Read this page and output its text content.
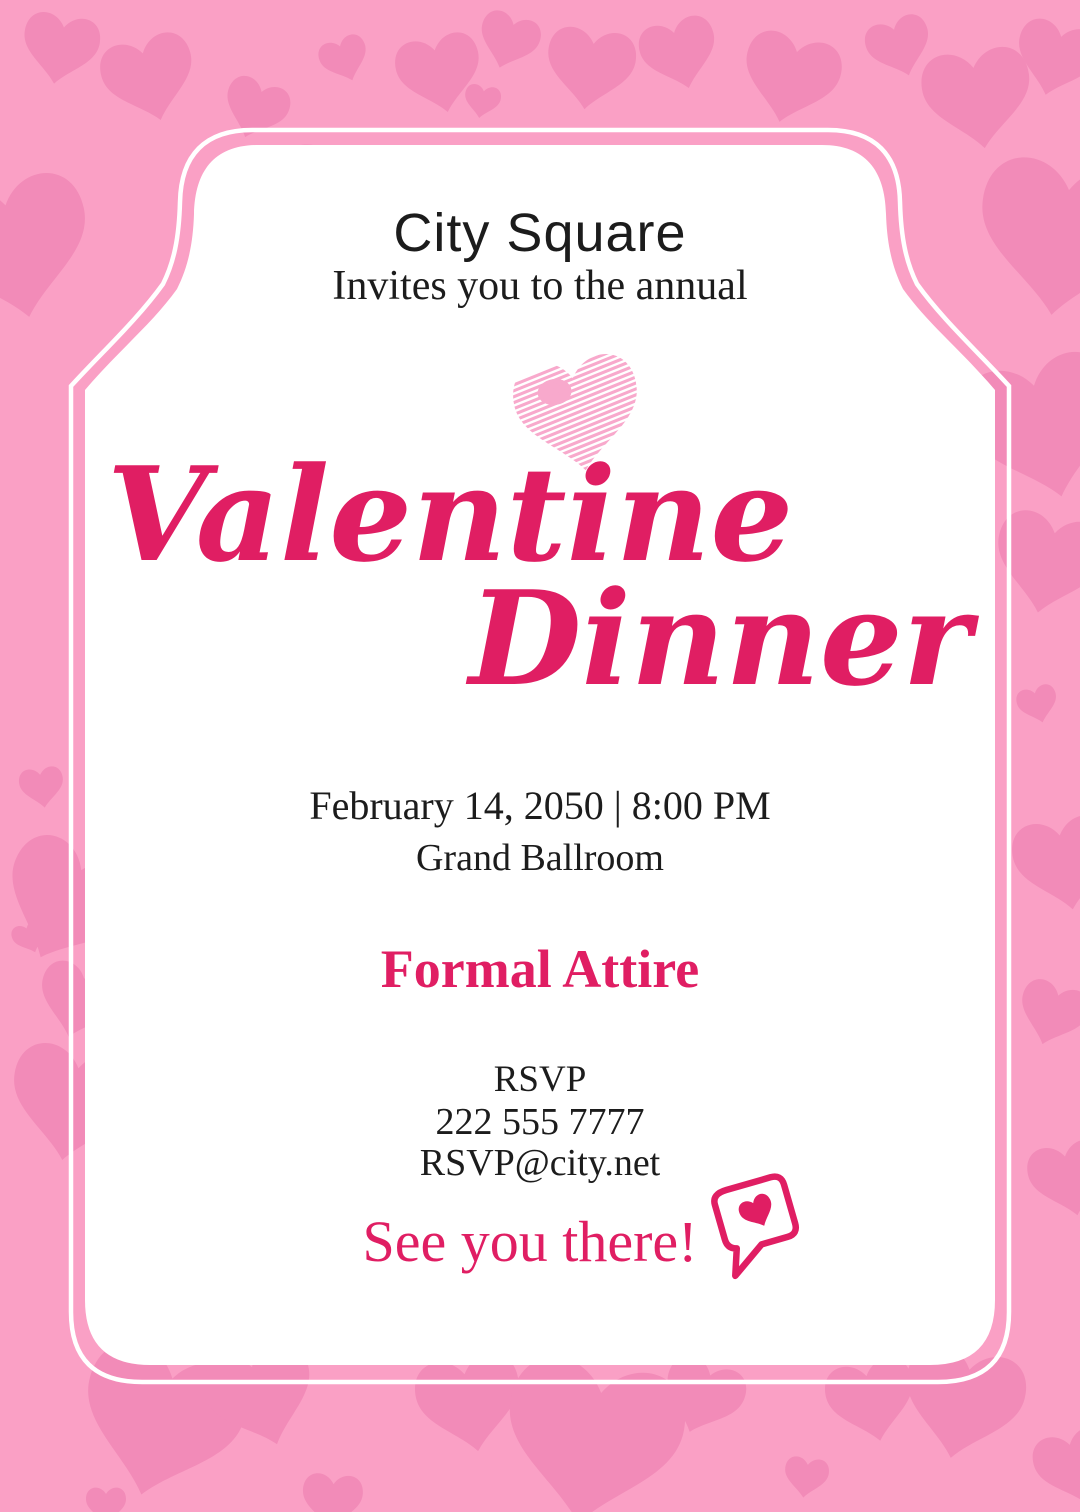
City Square
Invites you to the annual
Valentine
Dinner
February 14, 2050 | 8:00 PM
Grand Ballroom
Formal Attire
RSVP
222 555 7777
RSVP@city.net
See you there!
